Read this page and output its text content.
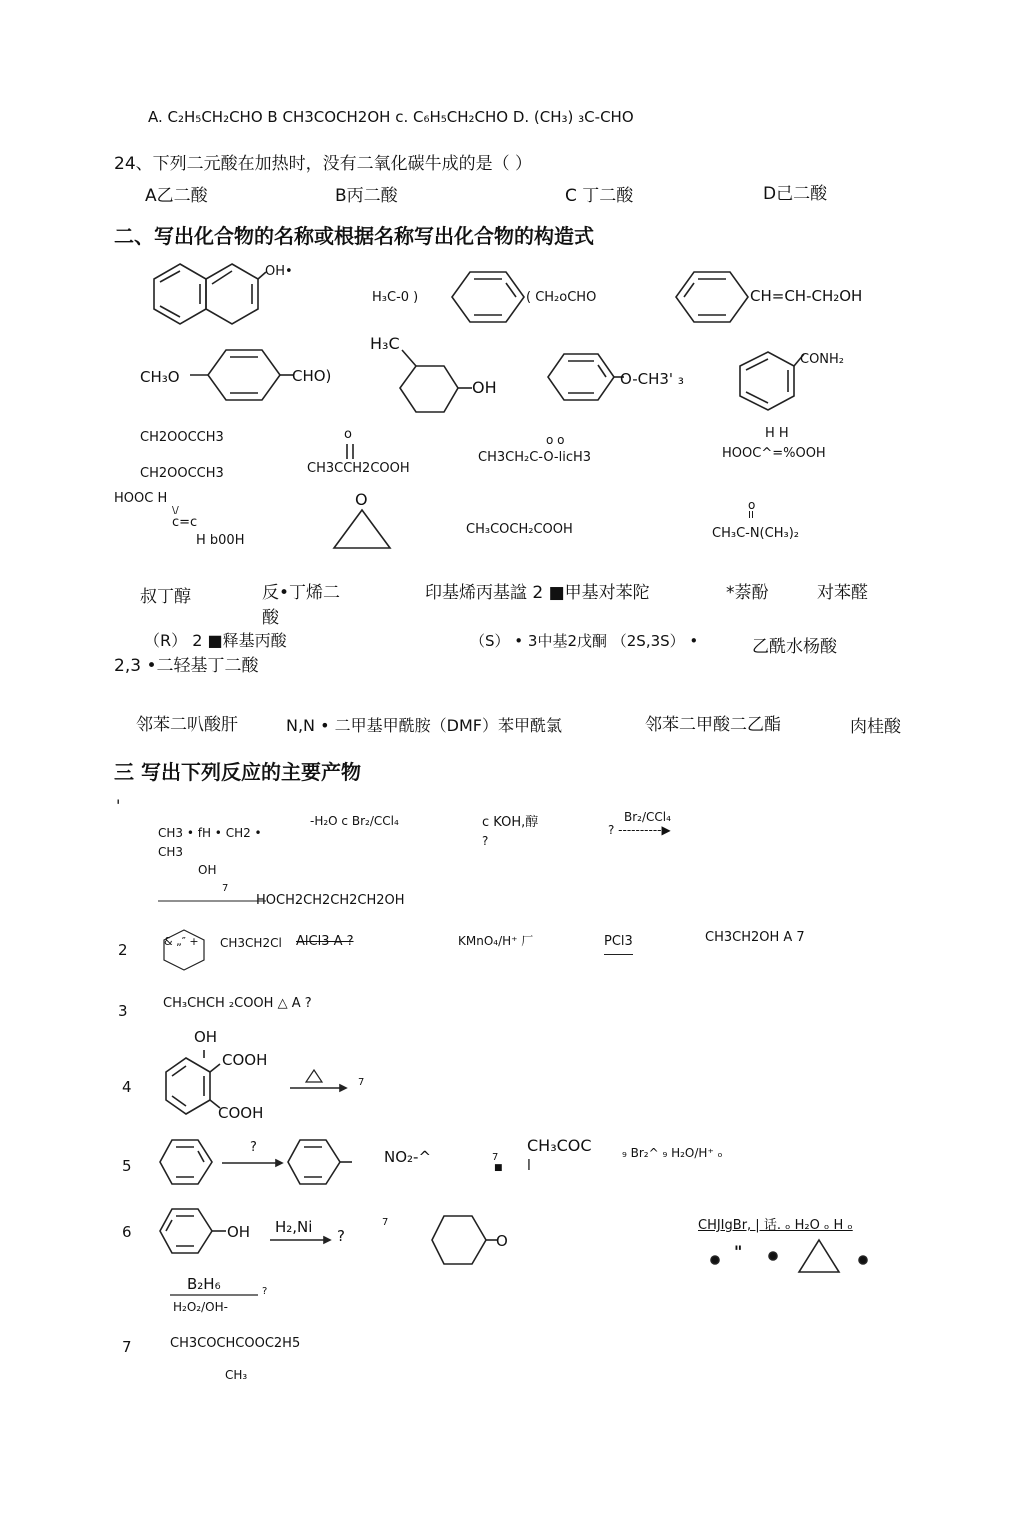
A. C₂H₅CH₂CHO B CH3COCH2OH c. C₆H₅CH₂CHO D. (CH₃) ₃C-CHO
24、下列二元酸在加热时，没有二氧化碳牛成的是（ ）
A乙二酸	B丙二酸	C 丁二酸	D己二酸
二、写出化合物的名称或根据名称写出化合物的构造式
OH•
H₃C-0 )	( CH₂oCHO	CH=CH-CH₂OH
CH₃O	CHO)
H₃C
OH	O-CH3' ₃
CONH₂
CH2OOCCH3
CH2OOCCH3
o
CH3CCH2COOH
o o
CH3CH₂C-O-licH3
H H
HOOC^=%OOH
HOOC H
\/
c=c
H b00H
O
CH₃COCH₂COOH
o
II
CH₃C-N(CH₃)₂
叔丁醇	反•丁烯二
酸
印基烯丙基諡 2 ■甲基对苯陀	*萘酚	对苯醛
（R） 2 ■释基丙酸	（S） • 3中基2戊酮 （2S,3S） •	乙酰水杨酸
2,3 •二轻基丁二酸
邻苯二叭酸肝	N,N • 二甲基甲酰胺（DMF）苯甲酰氯	邻苯二甲酸二乙酯	肉桂酸
三 写出下列反应的主要产物
'
CH3 • fH • CH2 •
CH3
OH
-H₂O c Br₂/CCl₄	c KOH,醇
?
Br₂/CCl₄
? ----------▶
7
HOCH2CH2CH2CH2OH
2	& „″ + CH3CH2Cl AlCl3 A ?	KMnO₄/H⁺ 厂	PCl3	CH3CH2OH A 7
3	CH₃CHCH ₂COOH △ A ?
4
OH
COOH
COOH
7
5
?
NO₂-^	7
■
CH₃COC
l
₉ Br₂^ ₉ H₂O/H⁺ ₒ
6	OH H₂,Ni ?
7
O
CHJIgBr, | 话. ₒ H₂O ₒ H ₒ
"
B₂H₆	?
H₂O₂/OH-
7	CH3COCHCOOC2H5
CH₃
